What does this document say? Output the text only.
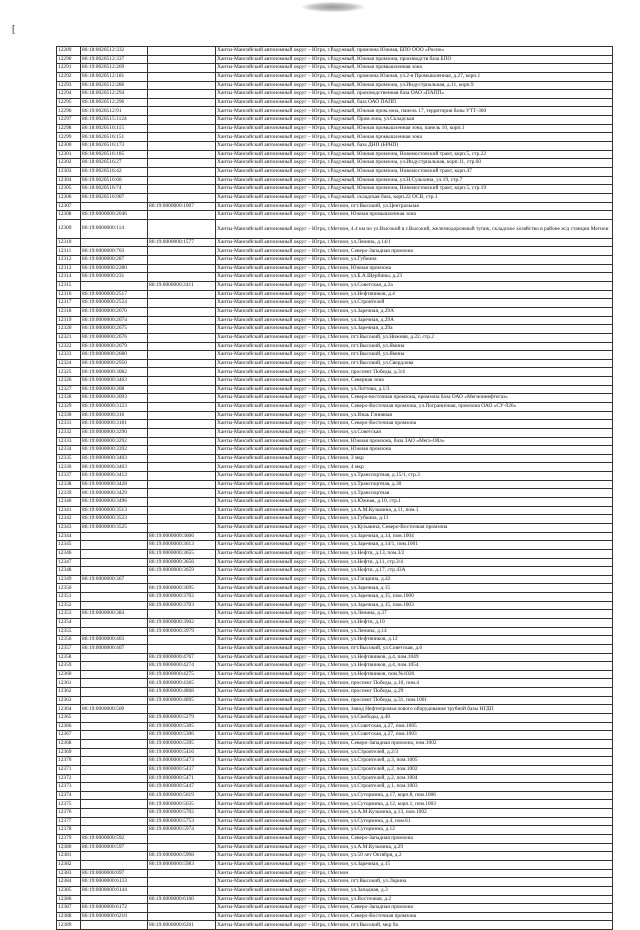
[
12289	86:18:0020512:332		Ханты-Мансийский автономный округ – Югра, г.Радужный, промзона Южная, БПО ООО «Росно»
12290	86:19:0020512:337		Ханты-Мансийский автономный округ – Югра, г.Радужный, Южная промзона, производств база БПО
12291	86:19:0020512:269		Ханты-Мансийский автономный округ – Югра, г.Радужный, Южная промышленная зона
12292	86:18:0020512:181		Ханты-Мансийский автономный округ – Югра, г.Радужный, промзона Южная, ул.2-я Промышленная, д.27, корп.1
12293	86:18:0020512:286		Ханты-Мансийский автономный округ – Югра, г.Радужный, Южная промзона, ул.Индустриальная, д.11, корп.9
12294	86:18:0020512:294		Ханты-Мансийский автономный округ – Югра, г.Радужный, производственная база ОАО «ПАПП»
12295	86:18:0020512:296		Ханты-Мансийский автономный округ – Югра, г.Радужный, база ОАО ПАПП
12296	86:19:0020512:91		Ханты-Мансийский автономный округ – Югра, г.Радужный, Южная пром.зона, панель 17, территория базы УТТ-360
12297	86:19:0020515:1124		Ханты-Мансийский автономный округ – Югра, г.Радужный, Пром.зона, ул.Складская
12298	86:18:0020516:115		Ханты-Мансийский автономный округ – Югра, г.Радужный, Южная промышленная зона, панель 10, корп.1
12299	86:18:0020516:151		Ханты-Мансийский автономный округ – Югра, г.Радужный, Южная промышленная зона
12300	86:18:0020516:173		Ханты-Мансийский автономный округ – Югра, г.Радужный, база ДНП (БРНП)
12301	86:18:0020516:185		Ханты-Мансийский автономный округ – Югра, г.Радужный, Южная промзона, Новомостовский тракт, корп.5, стр.22
12302	86:18:0020516:27		Ханты-Мансийский автономный округ – Югра, г.Радужный, Южная промзона, ул.Индустриальная, корп.11, стр.60
12303	86:19:0020516:42		Ханты-Мансийский автономный округ – Югра, г.Радужный, Южная промзона, Новомостовский тракт, корп.47
12304	86:19:0020516:60		Ханты-Мансийский автономный округ – Югра, г.Радужный, Южная промзона, ул.Н.Сульхина, ул.19, стр.7
12305	86:18:0020516:74		Ханты-Мансийский автономный округ – Югра, г.Радужный, Южная промзона, Новомостовский тракт, корп.5, стр.19
12306	86:19:0020516:907		Ханты-Мансийский автономный округ – Югра, г.Радужный, складская база, корп.22 ОСВ, стр.1
12307		86:19:0000000:1007	Ханты-Мансийский автономный округ – Югра, г.Мегион, пгт.Высокий, ул.Центральная
12308	86:19:0000000:2046		Ханты-Мансийский автономный округ – Югра, г.Мегион, Южная промышленная зона
12309	86:19:0000000:114		Ханты-Мансийский автономный округ – Югра, г.Мегион, 4.4 км по ул.Высокий в г.Высокий, железнодорожный тупик, складское хозяйство в районе ж/д станции Мегион
12310		86:19:0000000:1577	Ханты-Мансийский автономный округ – Югра, г.Мегион, ул.Ленина, д.14/1
12311	86:19:0000000:703		Ханты-Мансийский автономный округ – Югра, г.Мегион, Северо-Западная промзона
12312	86:19:0000000:287		Ханты-Мансийский автономный округ – Югра, г.Мегион, ул.Губкина
12313	86:19:0000000:2280		Ханты-Мансийский автономный округ – Югра, г.Мегион, Южная промзона
12314	86:19:0000000:231		Ханты-Мансийский автономный округ – Югра, г.Мегион, ул.Б.А.Щербины, д.23
12315		86:19:0000000:2411	Ханты-Мансийский автономный округ – Югра, г.Мегион, ул.Советская, д.2а
12316	86:19:0000000:2517		Ханты-Мансийский автономный округ – Югра, г.Мегион, ул.Нефтяников, д.4
12317	86:19:0000000:2524		Ханты-Мансийский автономный округ – Югра, г.Мегион, ул.Строителей
12318	86:19:0000000:2670		Ханты-Мансийский автономный округ – Югра, г.Мегион, ул.Заречная, д.29А
12319	86:19:0000000:2674		Ханты-Мансийский автономный округ – Югра, г.Мегион, ул.Заречная, д.29А
12320	86:19:0000000:2675		Ханты-Мансийский автономный округ – Югра, г.Мегион, ул.Заречная, д.29а
12321	86:19:0000000:2676		Ханты-Мансийский автономный округ – Югра, г.Мегион, пгт.Высокий, ул.Нижняя, д.22, стр.2
12322	86:19:0000000:2679		Ханты-Мансийский автономный округ – Югра, г.Мегион, пгт.Высокий, ул.Ямина
12323	86:19:0000000:2680		Ханты-Мансийский автономный округ – Югра, г.Мегион, пгт.Высокий, ул.Ямина
12324	86:19:0000000:2950		Ханты-Мансийский автономный округ – Югра, г.Мегион, пгт.Высокий, ул.Свердлова
12325	86:19:0000000:3082		Ханты-Мансийский автономный округ – Югра, г.Мегион, проспект Победы, д.3/4
12326	86:19:0000000:3463		Ханты-Мансийский автономный округ – Югра, г.Мегион, Северная зона
12327	86:19:0000000:308		Ханты-Мансийский автономный округ – Югра, г.Мегион, ул.Лоттова, д.1/3
12328	86:19:0000000:3093		Ханты-Мансийский автономный округ – Югра, г.Мегион, Северо-восточная промзона, промзона база ОАО «Мегионнефтегаз»
12329	86:19:0000000:3123		Ханты-Мансийский автономный округ – Югра, г.Мегион, Северо-Восточная промзона, ул.Пограничная, промзона ОАО «СУ-926»
12330	86:19:0000000:316		Ханты-Мансийский автономный округ – Югра, г.Мегион, ул.Языь Глиняная
12331	86:19:0000000:3181		Ханты-Мансийский автономный округ – Югра, г.Мегион, Северо-Восточная промзона
12332	86:19:0000000:3290		Ханты-Мансийский автономный округ – Югра, г.Мегион, ул.Советская
12333	86:19:0000000:3292		Ханты-Мансийский автономный округ – Югра, г.Мегион, Южная промзона, база ЗАО «Мега-Ойл»
12334	86:19:0000000:3392		Ханты-Мансийский автономный округ – Югра, г.Мегион, Южная промзона
12335	86:19:0000000:3403		Ханты-Мансийский автономный округ – Югра, г.Мегион, 3 мкр
12336	86:19:0000000:3403		Ханты-Мансийский автономный округ – Югра, г.Мегион, 4 мкр
12337	86:19:0000000:3412		Ханты-Мансийский автономный округ – Югра, г.Мегион, ул.Транспортная, д.15/1, стр.3
12338	86:19:0000000:3428		Ханты-Мансийский автономный округ – Югра, г.Мегион, ул.Транспортная, д.30
12339	86:19:0000000:3429		Ханты-Мансийский автономный округ – Югра, г.Мегион, ул.Транспортная
12340	86:19:0000000:3496		Ханты-Мансийский автономный округ – Югра, г.Мегион, ул.Южная, д.10, стр.1
12341	86:19:0000000:3513		Ханты-Мансийский автономный округ – Югра, г.Мегион, ул.А.М.Кузьмина, д.11, пом.1
12342	86:19:0000000:3523		Ханты-Мансийский автономный округ – Югра, г.Мегион, ул.Губкина, д.11
12343	86:19:0000000:3525		Ханты-Мансийский автономный округ – Югра, г.Мегион, ул.Кузьмина, Северо-Восточная промзона
12344		86:19:0000000:3606	Ханты-Мансийский автономный округ – Югра, г.Мегион, ул.Заречная, д.14, пом.1004
12345		86:19:0000000:3613	Ханты-Мансийский автономный округ – Югра, г.Мегион, ул.Заречная, д.14/1, пом.1001
12346		86:19:0000000:3655	Ханты-Мансийский автономный округ – Югра, г.Мегион, ул.Нефти, д.13, пом.3/2
12347		86:19:0000000:3656	Ханты-Мансийский автономный округ – Югра, г.Мегион, ул.Нефти, д.11, стр.3/4
12348		86:19:0000000:3659	Ханты-Мансийский автономный округ – Югра, г.Мегион, ул.Нефти, д.17, стр.43А
12349	86:19:0000000:367		Ханты-Мансийский автономный округ – Югра, г.Мегион, ул.Гагарина, д.42
12350		86:19:0000000:3695	Ханты-Мансийский автономный округ – Югра, г.Мегион, ул.Заречная, д.15
12351		86:19:0000000:3702	Ханты-Мансийский автономный округ – Югра, г.Мегион, ул.Заречная, д.15, пом.1000
12352		86:19:0000000:3703	Ханты-Мансийский автономный округ – Югра, г.Мегион, ул.Заречная, д.15, пом.1003
12353	86:19:0000000:384		Ханты-Мансийский автономный округ – Югра, г.Мегион, ул.Ленина, д.37
12354		86:19:0000000:3902	Ханты-Мансийский автономный округ – Югра, г.Мегион, ул.Нефти, д.10
12355		86:19:0000000:3979	Ханты-Мансийский автономный округ – Югра, г.Мегион, ул.Ленина, д.14
12356	86:19:0000000:403		Ханты-Мансийский автономный округ – Югра, г.Мегион, ул.Нефтяников, д.12
12357	86:19:0000000:407		Ханты-Мансийский автономный округ – Югра, г.Мегион, пгт.Высокий, ул.Советская, д.6
12358		86:19:0000000:4767	Ханты-Мансийский автономный округ – Югра, г.Мегион, ул.Нефтяников, д.4, пом.1049
12359		86:19:0000000:4274	Ханты-Мансийский автономный округ – Югра, г.Мегион, ул.Нефтяников, д.4, пом.1054
12360		86:19:0000000:4275	Ханты-Мансийский автономный округ – Югра, г.Мегион, ул.Нефтяников, пом.№1026
12361		86:19:0000000:4365	Ханты-Мансийский автономный округ – Югра, г.Мегион, проспект Победы, д.10, пом.4
12362		86:19:0000000:4868	Ханты-Мансийский автономный округ – Югра, г.Мегион, проспект Победы, д.29
12363		86:19:0000000:4895	Ханты-Мансийский автономный округ – Югра, г.Мегион, проспект Победы, д.31, пом.1001
12364	86:19:0000000:500		Ханты-Мансийский автономный округ – Югра, г.Мегион, Завод Нефтепромыслового оборудования трубной базы НГДП
12365		86:19:0000000:5279	Ханты-Мансийский автономный округ – Югра, г.Мегион, ул.Свободы, д.40
12366		86:19:0000000:5305	Ханты-Мансийский автономный округ – Югра, г.Мегион, ул.Советская, д.27, пом.1005
12367		86:19:0000000:5306	Ханты-Мансийский автономный округ – Югра, г.Мегион, ул.Советская, д.27, пом.1003
12368		86:19:0000000:5395	Ханты-Мансийский автономный округ – Югра, г.Мегион, Северо-Западная промзона, пом.1002
12369		86:19:0000000:5416	Ханты-Мансийский автономный округ – Югра, г.Мегион, ул.Строителей, д.2/3
12370		86:19:0000000:5473	Ханты-Мансийский автономный округ – Югра, г.Мегион, ул.Строителей, д.3, пом.1005
12371		86:19:0000000:5437	Ханты-Мансийский автономный округ – Югра, г.Мегион, ул.Строителей, д.2, пом.1002
12372		86:19:0000000:5471	Ханты-Мансийский автономный округ – Югра, г.Мегион, ул.Строителей, д.2, пом.1004
12373		86:19:0000000:5447	Ханты-Мансийский автономный округ – Югра, г.Мегион, ул.Строителей, д.1, пом.1003
12374		86:19:0000000:5619	Ханты-Мансийский автономный округ – Югра, г.Мегион, ул.Сутормина, д.17, корп.8, пом.1006
12375		86:19:0000000:5635	Ханты-Мансийский автономный округ – Югра, г.Мегион, ул.Сутормина, д.12, корп.1, пом.1003
12376		86:19:0000000:5702	Ханты-Мансийский автономный округ – Югра, г.Мегион, ул.А.М.Кузьмина, д.13, пом.1002
12377		86:19:0000000:5753	Ханты-Мансийский автономный округ – Югра, г.Мегион, ул.Сутормина, д.4, пом.61
12378		86:19:0000000:5974	Ханты-Мансийский автономный округ – Югра, г.Мегион, ул.Сутормина, д.12
12379	86:19:0000000:592		Ханты-Мансийский автономный округ – Югра, г.Мегион, Северо-Западная промзона
12380	86:19:0000000:597		Ханты-Мансийский автономный округ – Югра, г.Мегион, ул.А.М.Кузьмина, д.29
12381		86:19:0000000:5998	Ханты-Мансийский автономный округ – Югра, г.Мегион, ул.50 лет Октября, д.2
12382		86:19:0000000:5983	Ханты-Мансийский автономный округ – Югра, г.Мегион, ул.Заречная, д.15
12383	86:19:0000000:697		Ханты-Мансийский автономный округ – Югра, г.Мегион
12384	86:19:0000000:6133		Ханты-Мансийский автономный округ – Югра, г.Мегион, пгт.Высокий, ул.Лорина
12385	86:19:0000000:6144		Ханты-Мансийский автономный округ – Югра, г.Мегион, ул.Западная, д.3
12386		86:19:0000000:6160	Ханты-Мансийский автономный округ – Югра, г.Мегион, ул.Восточная, д.2
12387	86:19:0000000:6172		Ханты-Мансийский автономный округ – Югра, г.Мегион, Северо-Западная промзона
12388	86:19:0000000:6210		Ханты-Мансийский автономный округ – Югра, г.Мегион, Северо-Восточная промзона
12389		86:19:0000000:6261	Ханты-Мансийский автономный округ – Югра, г.Мегион, пгт.Высокий, мкр 9а
